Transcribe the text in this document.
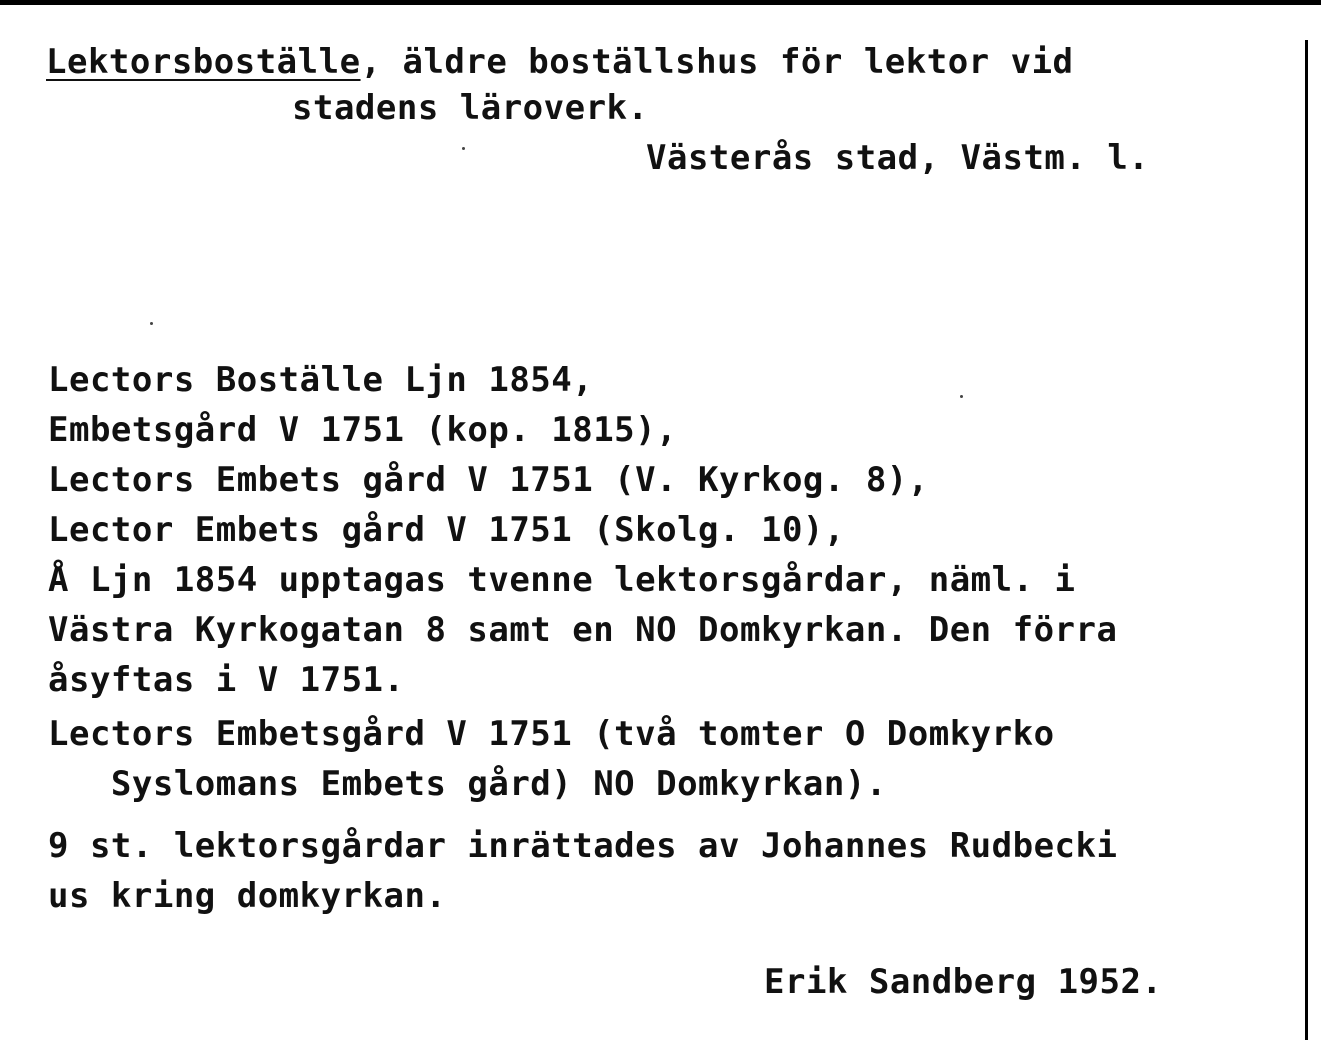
Lektorsboställe, äldre boställshus för lektor vid
stadens läroverk.
Västerås stad, Västm. l.
Lectors Boställe Ljn 1854,
Embetsgård V 1751 (kop. 1815),
Lectors Embets gård V 1751 (V. Kyrkog. 8),
Lector Embets gård V 1751 (Skolg. 10),
Å Ljn 1854 upptagas tvenne lektorsgårdar, näml. i
Västra Kyrkogatan 8 samt en NO Domkyrkan. Den förra
åsyftas i V 1751.
Lectors Embetsgård V 1751 (två tomter O Domkyrko
Syslomans Embets gård) NO Domkyrkan).
9 st. lektorsgårdar inrättades av Johannes Rudbecki
us kring domkyrkan.
Erik Sandberg 1952.
